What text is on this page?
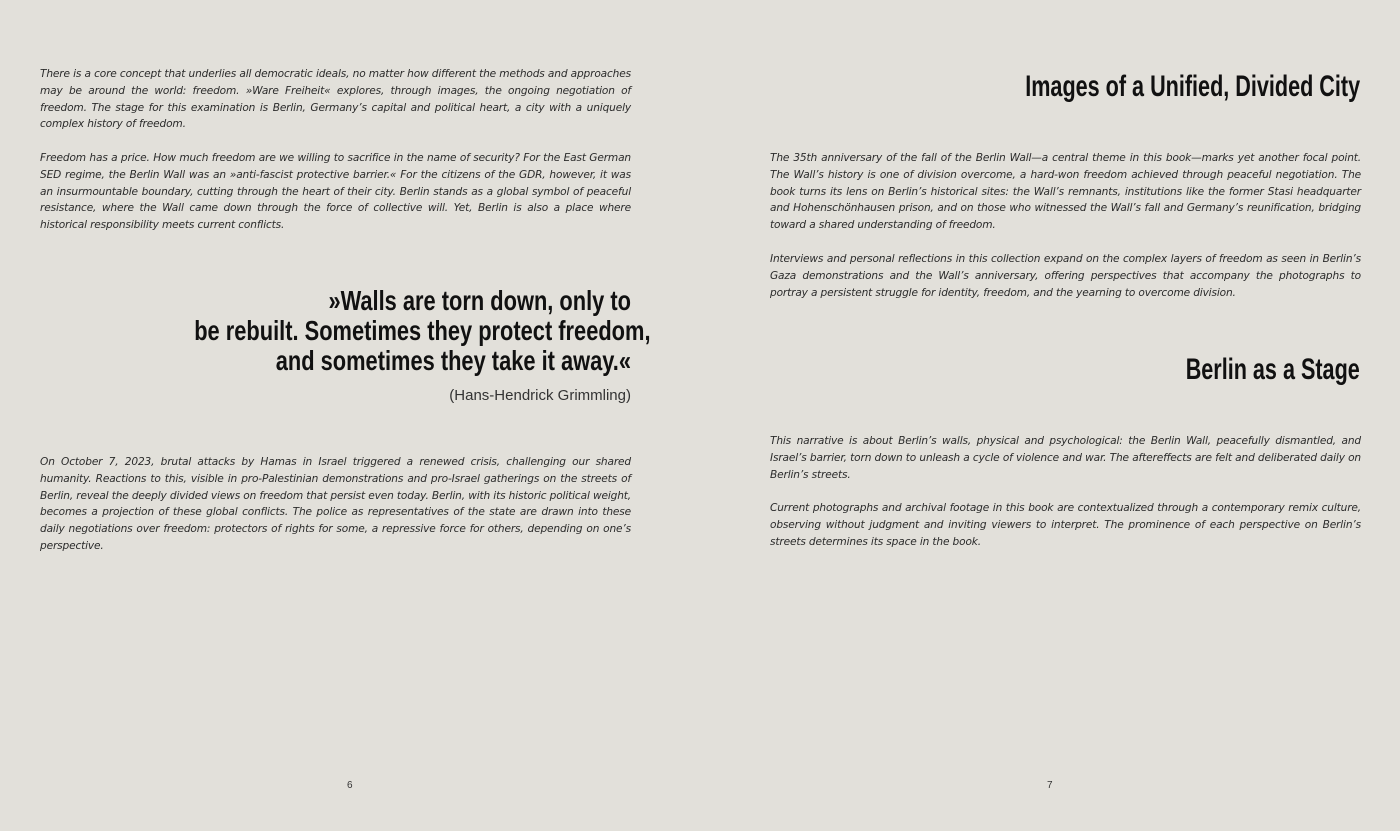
There is a core concept that underlies all democratic ideals, no matter how different the methods and approaches may be around the world: freedom. »Ware Freiheit« explores, through images, the ongoing negotiation of freedom. The stage for this examination is Berlin, Germany’s capital and political heart, a city with a uniquely complex history of freedom.

Freedom has a price. How much freedom are we willing to sacrifice in the name of security? For the East German SED regime, the Berlin Wall was an »anti-fascist protective barrier.« For the citizens of the GDR, however, it was an insurmountable boundary, cutting through the heart of their city. Berlin stands as a global symbol of peaceful resistance, where the Wall came down through the force of collective will. Yet, Berlin is also a place where historical responsibility meets current conflicts.

»Walls are torn down, only to
be rebuilt. Sometimes they protect freedom,
and sometimes they take it away.«
(Hans-Hendrick Grimmling)

On October 7, 2023, brutal attacks by Hamas in Israel triggered a renewed crisis, challenging our shared humanity. Reactions to this, visible in pro-Palestinian demonstrations and pro-Israel gatherings on the streets of Berlin, reveal the deeply divided views on freedom that persist even today. Berlin, with its historic political weight, becomes a projection of these global conflicts. The police as representatives of the state are drawn into these daily negotiations over freedom: protectors of rights for some, a repressive force for others, depending on one’s perspective.

6
Images of a Unified, Divided City

The 35th anniversary of the fall of the Berlin Wall—a central theme in this book—marks yet another focal point. The Wall’s history is one of division overcome, a hard-won freedom achieved through peaceful negotiation. The book turns its lens on Berlin’s historical sites: the Wall’s remnants, institutions like the former Stasi headquarter and Hohenschönhausen prison, and on those who witnessed the Wall’s fall and Germany’s reunification, bridging toward a shared understanding of freedom.

Interviews and personal reflections in this collection expand on the complex layers of freedom as seen in Berlin’s Gaza demonstrations and the Wall’s anniversary, offering perspectives that accompany the photographs to portray a persistent struggle for identity, freedom, and the yearning to overcome division.

Berlin as a Stage

This narrative is about Berlin’s walls, physical and psychological: the Berlin Wall, peacefully dismantled, and Israel’s barrier, torn down to unleash a cycle of violence and war. The aftereffects are felt and deliberated daily on Berlin’s streets.

Current photographs and archival footage in this book are contextualized through a contemporary remix culture, observing without judgment and inviting viewers to interpret. The prominence of each perspective on Berlin’s streets determines its space in the book.

7
